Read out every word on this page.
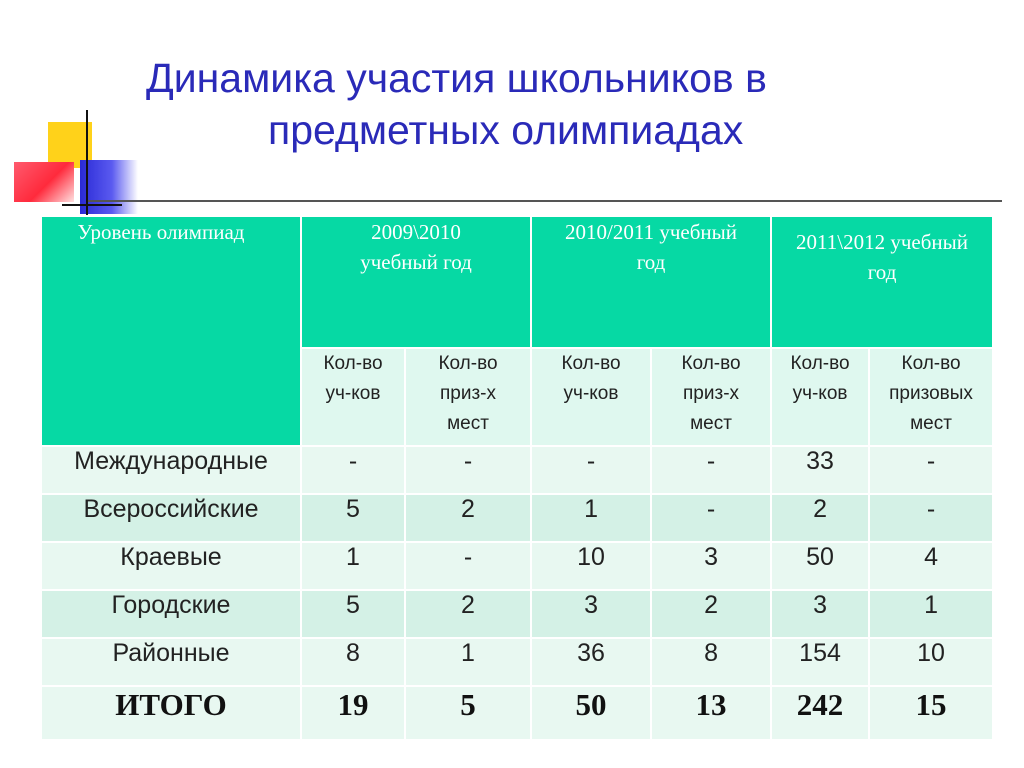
Динамика участия школьников в
предметных олимпиадах
Уровень олимпиад	2009\2010 учебный год		2010/2011 учебный год		2011\2012 учебный год	
	Кол-во уч-ков	Кол-во приз-х мест	Кол-во уч-ков	Кол-во приз-х мест	Кол-во уч-ков	Кол-во призовых мест
Международные	-	-	-	-	33	-
Всероссийские	5	2	1	-	2	-
Краевые	1	-	10	3	50	4
Городские	5	2	3	2	3	1
Районные	8	1	36	8	154	10
ИТОГО	19	5	50	13	242	15
